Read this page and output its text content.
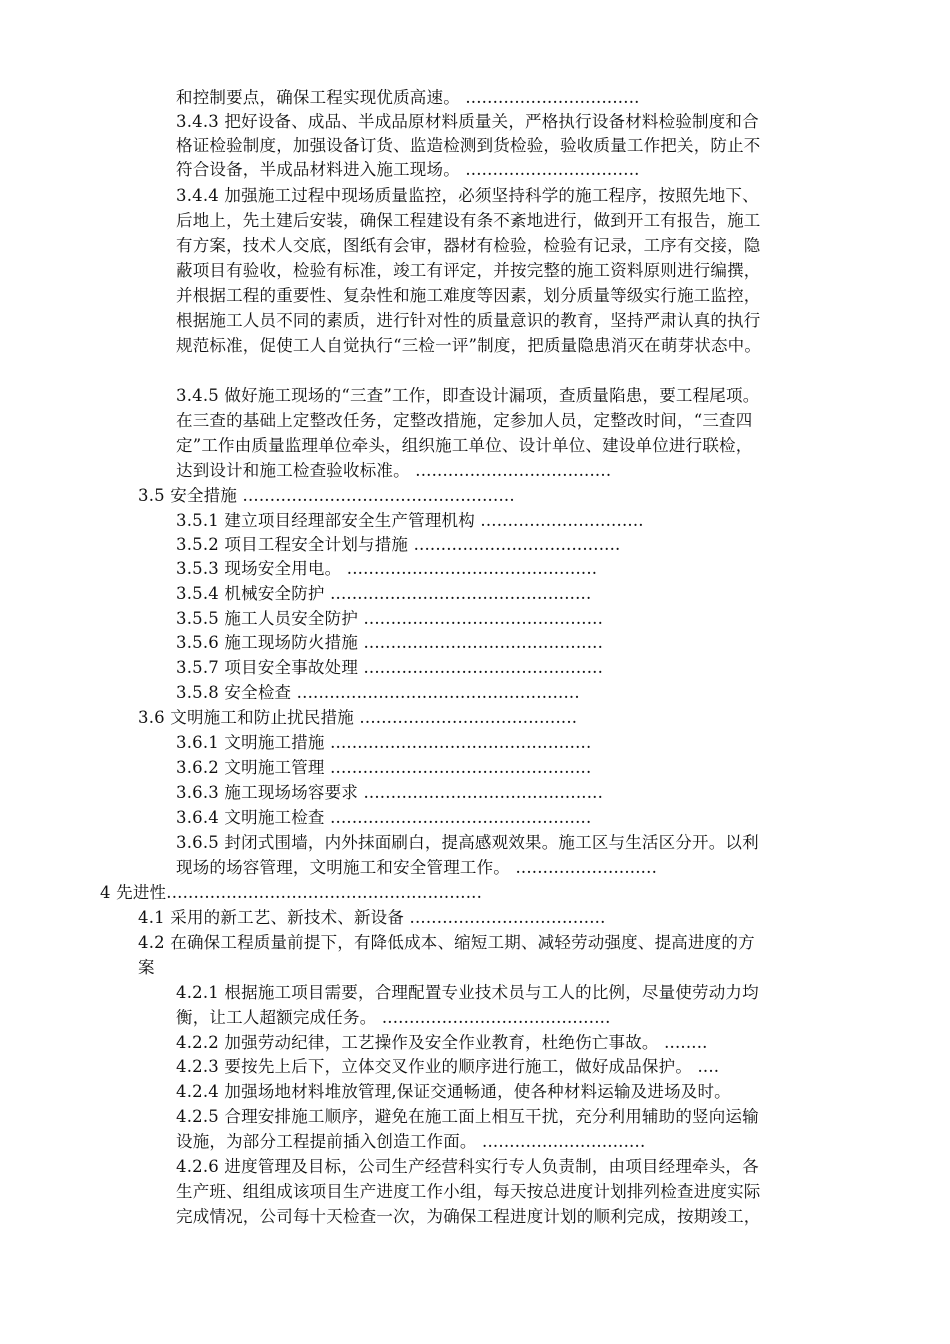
和控制要点，确保工程实现优质高速。 ................................
3.4.3 把好设备、成品、半成品原材料质量关，严格执行设备材料检验制度和合
格证检验制度，加强设备订货、监造检测到货检验，验收质量工作把关，防止不
符合设备，半成品材料进入施工现场。 ................................
3.4.4 加强施工过程中现场质量监控，必须坚持科学的施工程序，按照先地下、
后地上，先土建后安装，确保工程建设有条不紊地进行，做到开工有报告，施工
有方案，技术人交底，图纸有会审，器材有检验，检验有记录，工序有交接，隐
蔽项目有验收，检验有标准，竣工有评定，并按完整的施工资料原则进行编撰，
并根据工程的重要性、复杂性和施工难度等因素，划分质量等级实行施工监控，
根据施工人员不同的素质，进行针对性的质量意识的教育，坚持严肃认真的执行
规范标准，促使工人自觉执行“三检一评”制度，把质量隐患消灭在萌芽状态中。
3.4.5 做好施工现场的“三查”工作，即查设计漏项，查质量陷患，要工程尾项。
在三查的基础上定整改任务，定整改措施，定参加人员，定整改时间，“三查四
定”工作由质量监理单位牵头，组织施工单位、设计单位、建设单位进行联检，
达到设计和施工检查验收标准。 ....................................
3.5 安全措施 ..................................................
3.5.1 建立项目经理部安全生产管理机构 ..............................
3.5.2 项目工程安全计划与措施 ......................................
3.5.3 现场安全用电。 ..............................................
3.5.4 机械安全防护 ................................................
3.5.5 施工人员安全防护 ............................................
3.5.6 施工现场防火措施 ............................................
3.5.7 项目安全事故处理 ............................................
3.5.8 安全检查 ....................................................
3.6 文明施工和防止扰民措施 ........................................
3.6.1 文明施工措施 ................................................
3.6.2 文明施工管理 ................................................
3.6.3 施工现场场容要求 ............................................
3.6.4 文明施工检查 ................................................
3.6.5 封闭式围墙，内外抹面刷白，提高感观效果。施工区与生活区分开。以利
现场的场容管理，文明施工和安全管理工作。 ..........................
4 先进性..........................................................
4.1 采用的新工艺、新技术、新设备 ....................................
4.2 在确保工程质量前提下，有降低成本、缩短工期、减轻劳动强度、提高进度的方
案
4.2.1 根据施工项目需要，合理配置专业技术员与工人的比例，尽量使劳动力均
衡，让工人超额完成任务。 ..........................................
4.2.2 加强劳动纪律，工艺操作及安全作业教育，杜绝伤亡事故。 ........
4.2.3 要按先上后下，立体交叉作业的顺序进行施工，做好成品保护。 ....
4.2.4 加强场地材料堆放管理,保证交通畅通，使各种材料运输及进场及时。
4.2.5 合理安排施工顺序，避免在施工面上相互干扰，充分利用辅助的竖向运输
设施，为部分工程提前插入创造工作面。 ..............................
4.2.6 进度管理及目标，公司生产经营科实行专人负责制，由项目经理牵头，各
生产班、组组成该项目生产进度工作小组，每天按总进度计划排列检查进度实际
完成情况，公司每十天检查一次，为确保工程进度计划的顺利完成，按期竣工，
